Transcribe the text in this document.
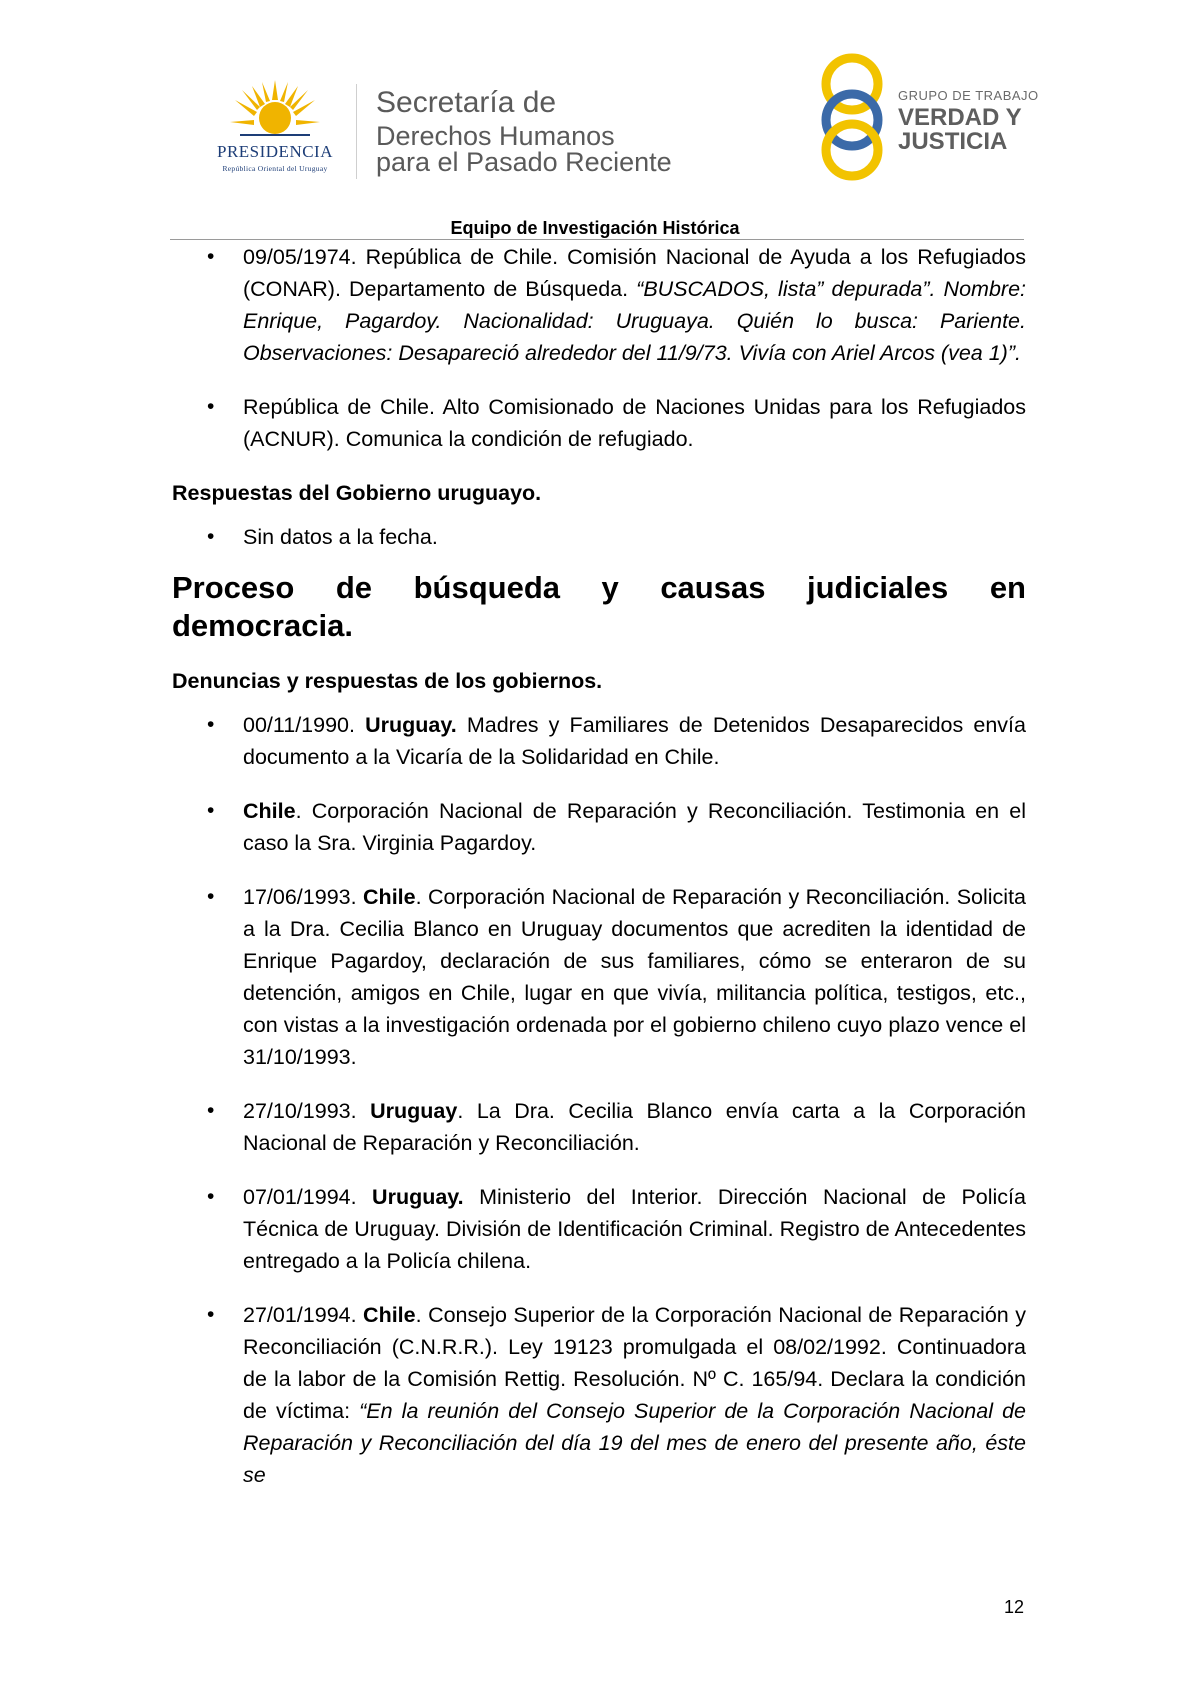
PRESIDENCIA
República Oriental del Uruguay
Secretaría de
Derechos Humanos
para el Pasado Reciente
GRUPO DE TRABAJO
VERDAD Y
JUSTICIA
Equipo de Investigación Histórica
• 09/05/1974. República de Chile. Comisión Nacional de Ayuda a los Refugiados (CONAR). Departamento de Búsqueda. “BUSCADOS, lista” depurada”. Nombre: Enrique, Pagardoy. Nacionalidad: Uruguaya. Quién lo busca: Pariente. Observaciones: Desapareció alrededor del 11/9/73. Vivía con Ariel Arcos (vea 1)”.
• República de Chile. Alto Comisionado de Naciones Unidas para los Refugiados (ACNUR). Comunica la condición de refugiado.
Respuestas del Gobierno uruguayo.
• Sin datos a la fecha.
Proceso de búsqueda y causas judiciales en
democracia.
Denuncias y respuestas de los gobiernos.
• 00/11/1990. Uruguay. Madres y Familiares de Detenidos Desaparecidos envía documento a la Vicaría de la Solidaridad en Chile.
• Chile. Corporación Nacional de Reparación y Reconciliación. Testimonia en el caso la Sra. Virginia Pagardoy.
• 17/06/1993. Chile. Corporación Nacional de Reparación y Reconciliación. Solicita a la Dra. Cecilia Blanco en Uruguay documentos que acrediten la identidad de Enrique Pagardoy, declaración de sus familiares, cómo se enteraron de su detención, amigos en Chile, lugar en que vivía, militancia política, testigos, etc., con vistas a la investigación ordenada por el gobierno chileno cuyo plazo vence el 31/10/1993.
• 27/10/1993. Uruguay. La Dra. Cecilia Blanco envía carta a la Corporación Nacional de Reparación y Reconciliación.
• 07/01/1994. Uruguay. Ministerio del Interior. Dirección Nacional de Policía Técnica de Uruguay. División de Identificación Criminal. Registro de Antecedentes entregado a la Policía chilena.
• 27/01/1994. Chile. Consejo Superior de la Corporación Nacional de Reparación y Reconciliación (C.N.R.R.). Ley 19123 promulgada el 08/02/1992. Continuadora de la labor de la Comisión Rettig. Resolución. Nº C. 165/94. Declara la condición de víctima: “En la reunión del Consejo Superior de la Corporación Nacional de Reparación y Reconciliación del día 19 del mes de enero del presente año, éste se
12
